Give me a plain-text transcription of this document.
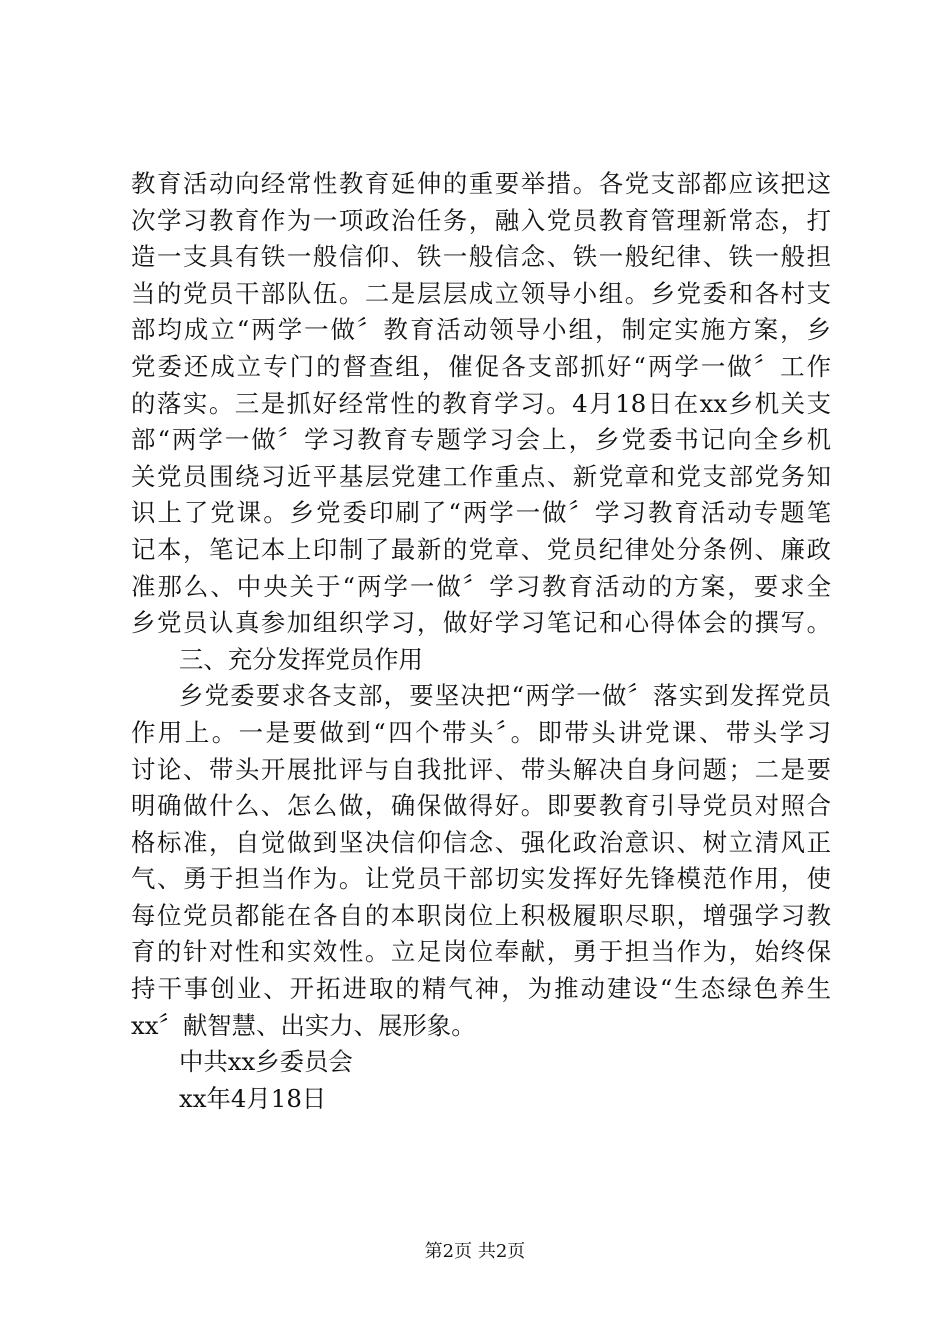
教育活动向经常性教育延伸的重要举措。各党支部都应该把这
次学习教育作为一项政治任务，融入党员教育管理新常态，打
造一支具有铁一般信仰、铁一般信念、铁一般纪律、铁一般担
当的党员干部队伍。二是层层成立领导小组。乡党委和各村支
部均成立“两学一做〞教育活动领导小组，制定实施方案，乡
党委还成立专门的督查组，催促各支部抓好“两学一做〞工作
的落实。三是抓好经常性的教育学习。4月18日在xx乡机关支
部“两学一做〞学习教育专题学习会上，乡党委书记向全乡机
关党员围绕习近平基层党建工作重点、新党章和党支部党务知
识上了党课。乡党委印刷了“两学一做〞学习教育活动专题笔
记本，笔记本上印制了最新的党章、党员纪律处分条例、廉政
准那么、中央关于“两学一做〞学习教育活动的方案，要求全
乡党员认真参加组织学习，做好学习笔记和心得体会的撰写。
三、充分发挥党员作用
乡党委要求各支部，要坚决把“两学一做〞落实到发挥党员
作用上。一是要做到“四个带头〞。即带头讲党课、带头学习
讨论、带头开展批评与自我批评、带头解决自身问题；二是要
明确做什么、怎么做，确保做得好。即要教育引导党员对照合
格标准，自觉做到坚决信仰信念、强化政治意识、树立清风正
气、勇于担当作为。让党员干部切实发挥好先锋模范作用，使
每位党员都能在各自的本职岗位上积极履职尽职，增强学习教
育的针对性和实效性。立足岗位奉献，勇于担当作为，始终保
持干事创业、开拓进取的精气神，为推动建设“生态绿色养生
xx〞献智慧、出实力、展形象。
中共xx乡委员会
xx年4月18日
第2页 共2页
